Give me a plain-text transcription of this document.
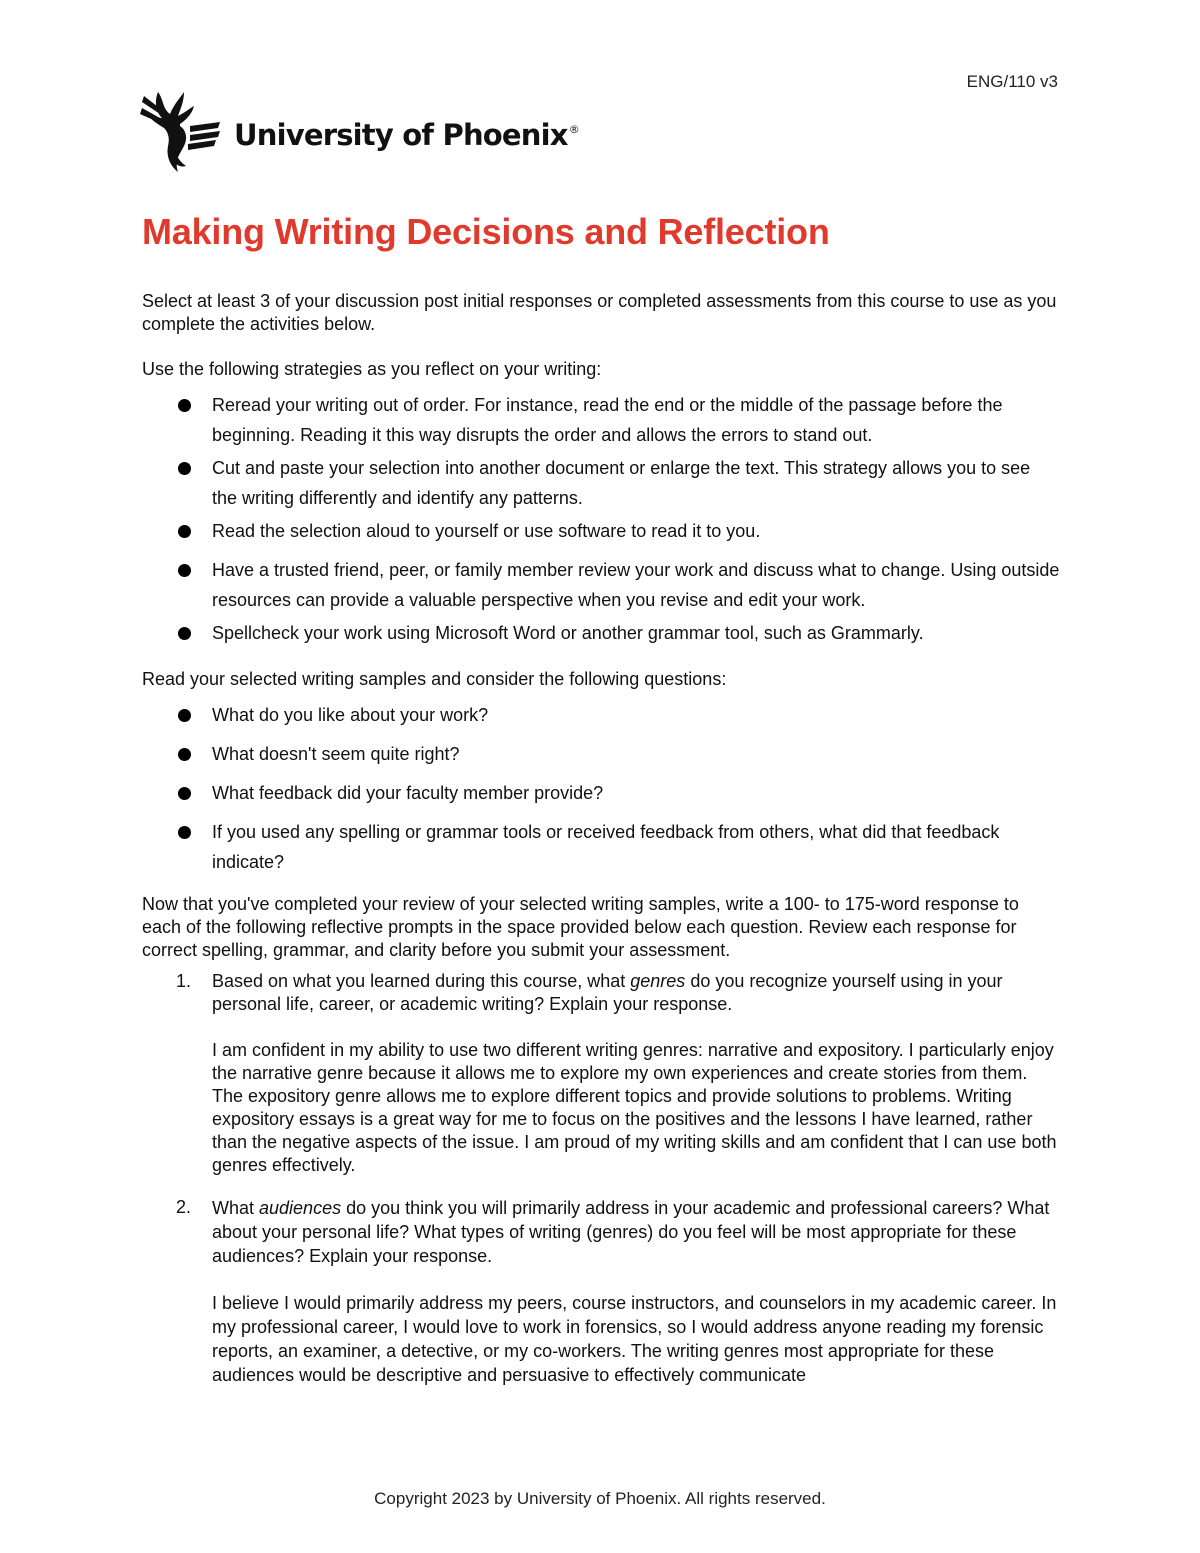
ENG/110 v3
University of Phoenix®
Making Writing Decisions and Reflection

Select at least 3 of your discussion post initial responses or completed assessments from this course to use as you complete the activities below.

Use the following strategies as you reflect on your writing:

Reread your writing out of order. For instance, read the end or the middle of the passage before the beginning. Reading it this way disrupts the order and allows the errors to stand out.
Cut and paste your selection into another document or enlarge the text. This strategy allows you to see the writing differently and identify any patterns.
Read the selection aloud to yourself or use software to read it to you.
Have a trusted friend, peer, or family member review your work and discuss what to change. Using outside resources can provide a valuable perspective when you revise and edit your work.
Spellcheck your work using Microsoft Word or another grammar tool, such as Grammarly.

Read your selected writing samples and consider the following questions:

What do you like about your work?
What doesn't seem quite right?
What feedback did your faculty member provide?
If you used any spelling or grammar tools or received feedback from others, what did that feedback indicate?

Now that you've completed your review of your selected writing samples, write a 100- to 175-word response to each of the following reflective prompts in the space provided below each question. Review each response for correct spelling, grammar, and clarity before you submit your assessment.

1. Based on what you learned during this course, what genres do you recognize yourself using in your personal life, career, or academic writing? Explain your response.

I am confident in my ability to use two different writing genres: narrative and expository. I particularly enjoy the narrative genre because it allows me to explore my own experiences and create stories from them. The expository genre allows me to explore different topics and provide solutions to problems. Writing expository essays is a great way for me to focus on the positives and the lessons I have learned, rather than the negative aspects of the issue. I am proud of my writing skills and am confident that I can use both genres effectively.

2. What audiences do you think you will primarily address in your academic and professional careers? What about your personal life? What types of writing (genres) do you feel will be most appropriate for these audiences? Explain your response.

I believe I would primarily address my peers, course instructors, and counselors in my academic career. In my professional career, I would love to work in forensics, so I would address anyone reading my forensic reports, an examiner, a detective, or my co-workers. The writing genres most appropriate for these audiences would be descriptive and persuasive to effectively communicate

Copyright 2023 by University of Phoenix. All rights reserved.
